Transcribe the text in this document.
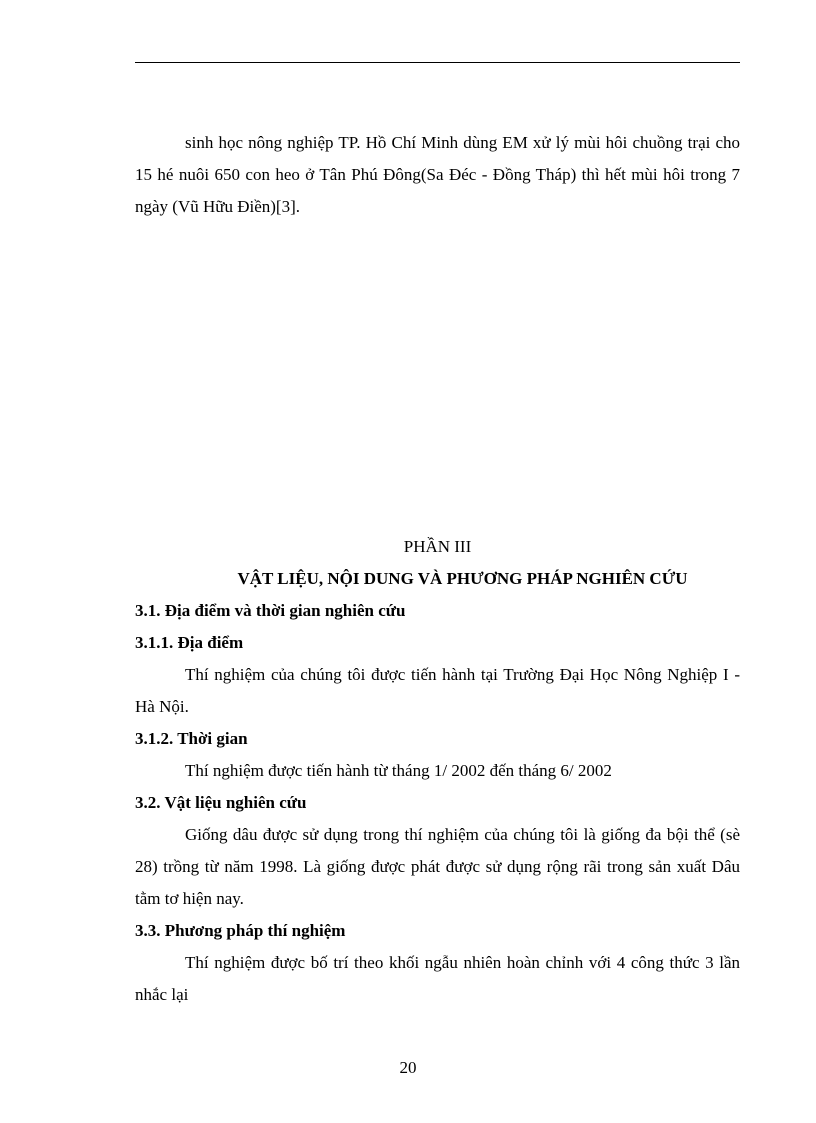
sinh học nông nghiệp TP. Hồ Chí Minh dùng EM xử lý mùi hôi chuồng trại cho 15 hé nuôi 650 con heo ở Tân Phú Đông(Sa Đéc - Đồng Tháp) thì hết mùi hôi trong 7 ngày (Vũ Hữu Điền)[3].

PHẦN III

VẬT LIỆU, NỘI DUNG VÀ PHƯƠNG PHÁP NGHIÊN CỨU

3.1. Địa điểm và thời gian nghiên cứu

3.1.1. Địa điểm

Thí nghiệm của chúng tôi được tiến hành tại Trường Đại Học Nông Nghiệp I - Hà Nội.

3.1.2. Thời gian

Thí nghiệm được tiến hành từ tháng 1/ 2002 đến tháng 6/ 2002

3.2. Vật liệu nghiên cứu

Giống dâu được sử dụng trong thí nghiệm của chúng tôi là giống đa bội thể (sè 28) trồng từ năm 1998. Là giống được phát được sử dụng rộng rãi trong sản xuất Dâu tằm tơ hiện nay.

3.3. Phương pháp thí nghiệm

Thí nghiệm được bố trí theo khối ngẫu nhiên hoàn chỉnh với 4 công thức 3 lần nhắc lại

20
